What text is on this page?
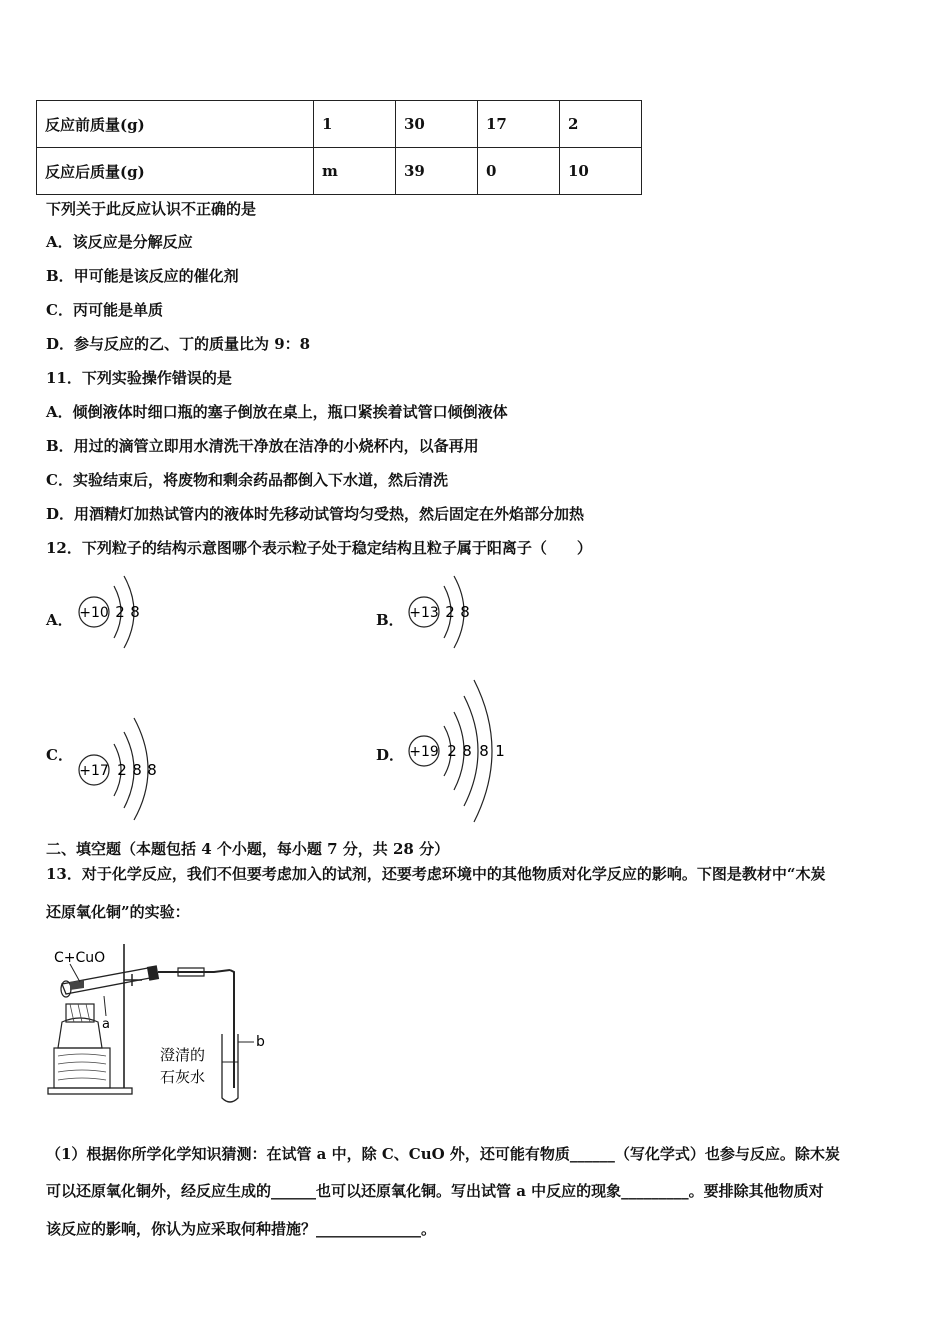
反应前质量(g)	1	30	17	2
反应后质量(g)	m	39	0	10
下列关于此反应认识不正确的是
A．该反应是分解反应
B．甲可能是该反应的催化剂
C．丙可能是单质
D．参与反应的乙、丁的质量比为 9：8
11．下列实验操作错误的是
A．倾倒液体时细口瓶的塞子倒放在桌上，瓶口紧挨着试管口倾倒液体
B．用过的滴管立即用水清洗干净放在洁净的小烧杯内，以备再用
C．实验结束后，将废物和剩余药品都倒入下水道，然后清洗
D．用酒精灯加热试管内的液体时先移动试管均匀受热，然后固定在外焰部分加热
12．下列粒子的结构示意图哪个表示粒子处于稳定结构且粒子属于阳离子（　　）
A． +10 2 8	B． +13 2 8
C．
+17 2 8 8
D． +19 2 8 8 1
二、填空题（本题包括 4 个小题，每小题 7 分，共 28 分）
13．对于化学反应，我们不但要考虑加入的试剂，还要考虑环境中的其他物质对化学反应的影响。下图是教材中“木炭
还原氧化铜”的实验：
C+CuO
a
b
澄清的
石灰水
（1）根据你所学化学知识猜测：在试管 a 中，除 C、CuO 外，还可能有物质______（写化学式）也参与反应。除木炭
可以还原氧化铜外，经反应生成的______也可以还原氧化铜。写出试管 a 中反应的现象_________。要排除其他物质对
该反应的影响，你认为应采取何种措施？______________。
